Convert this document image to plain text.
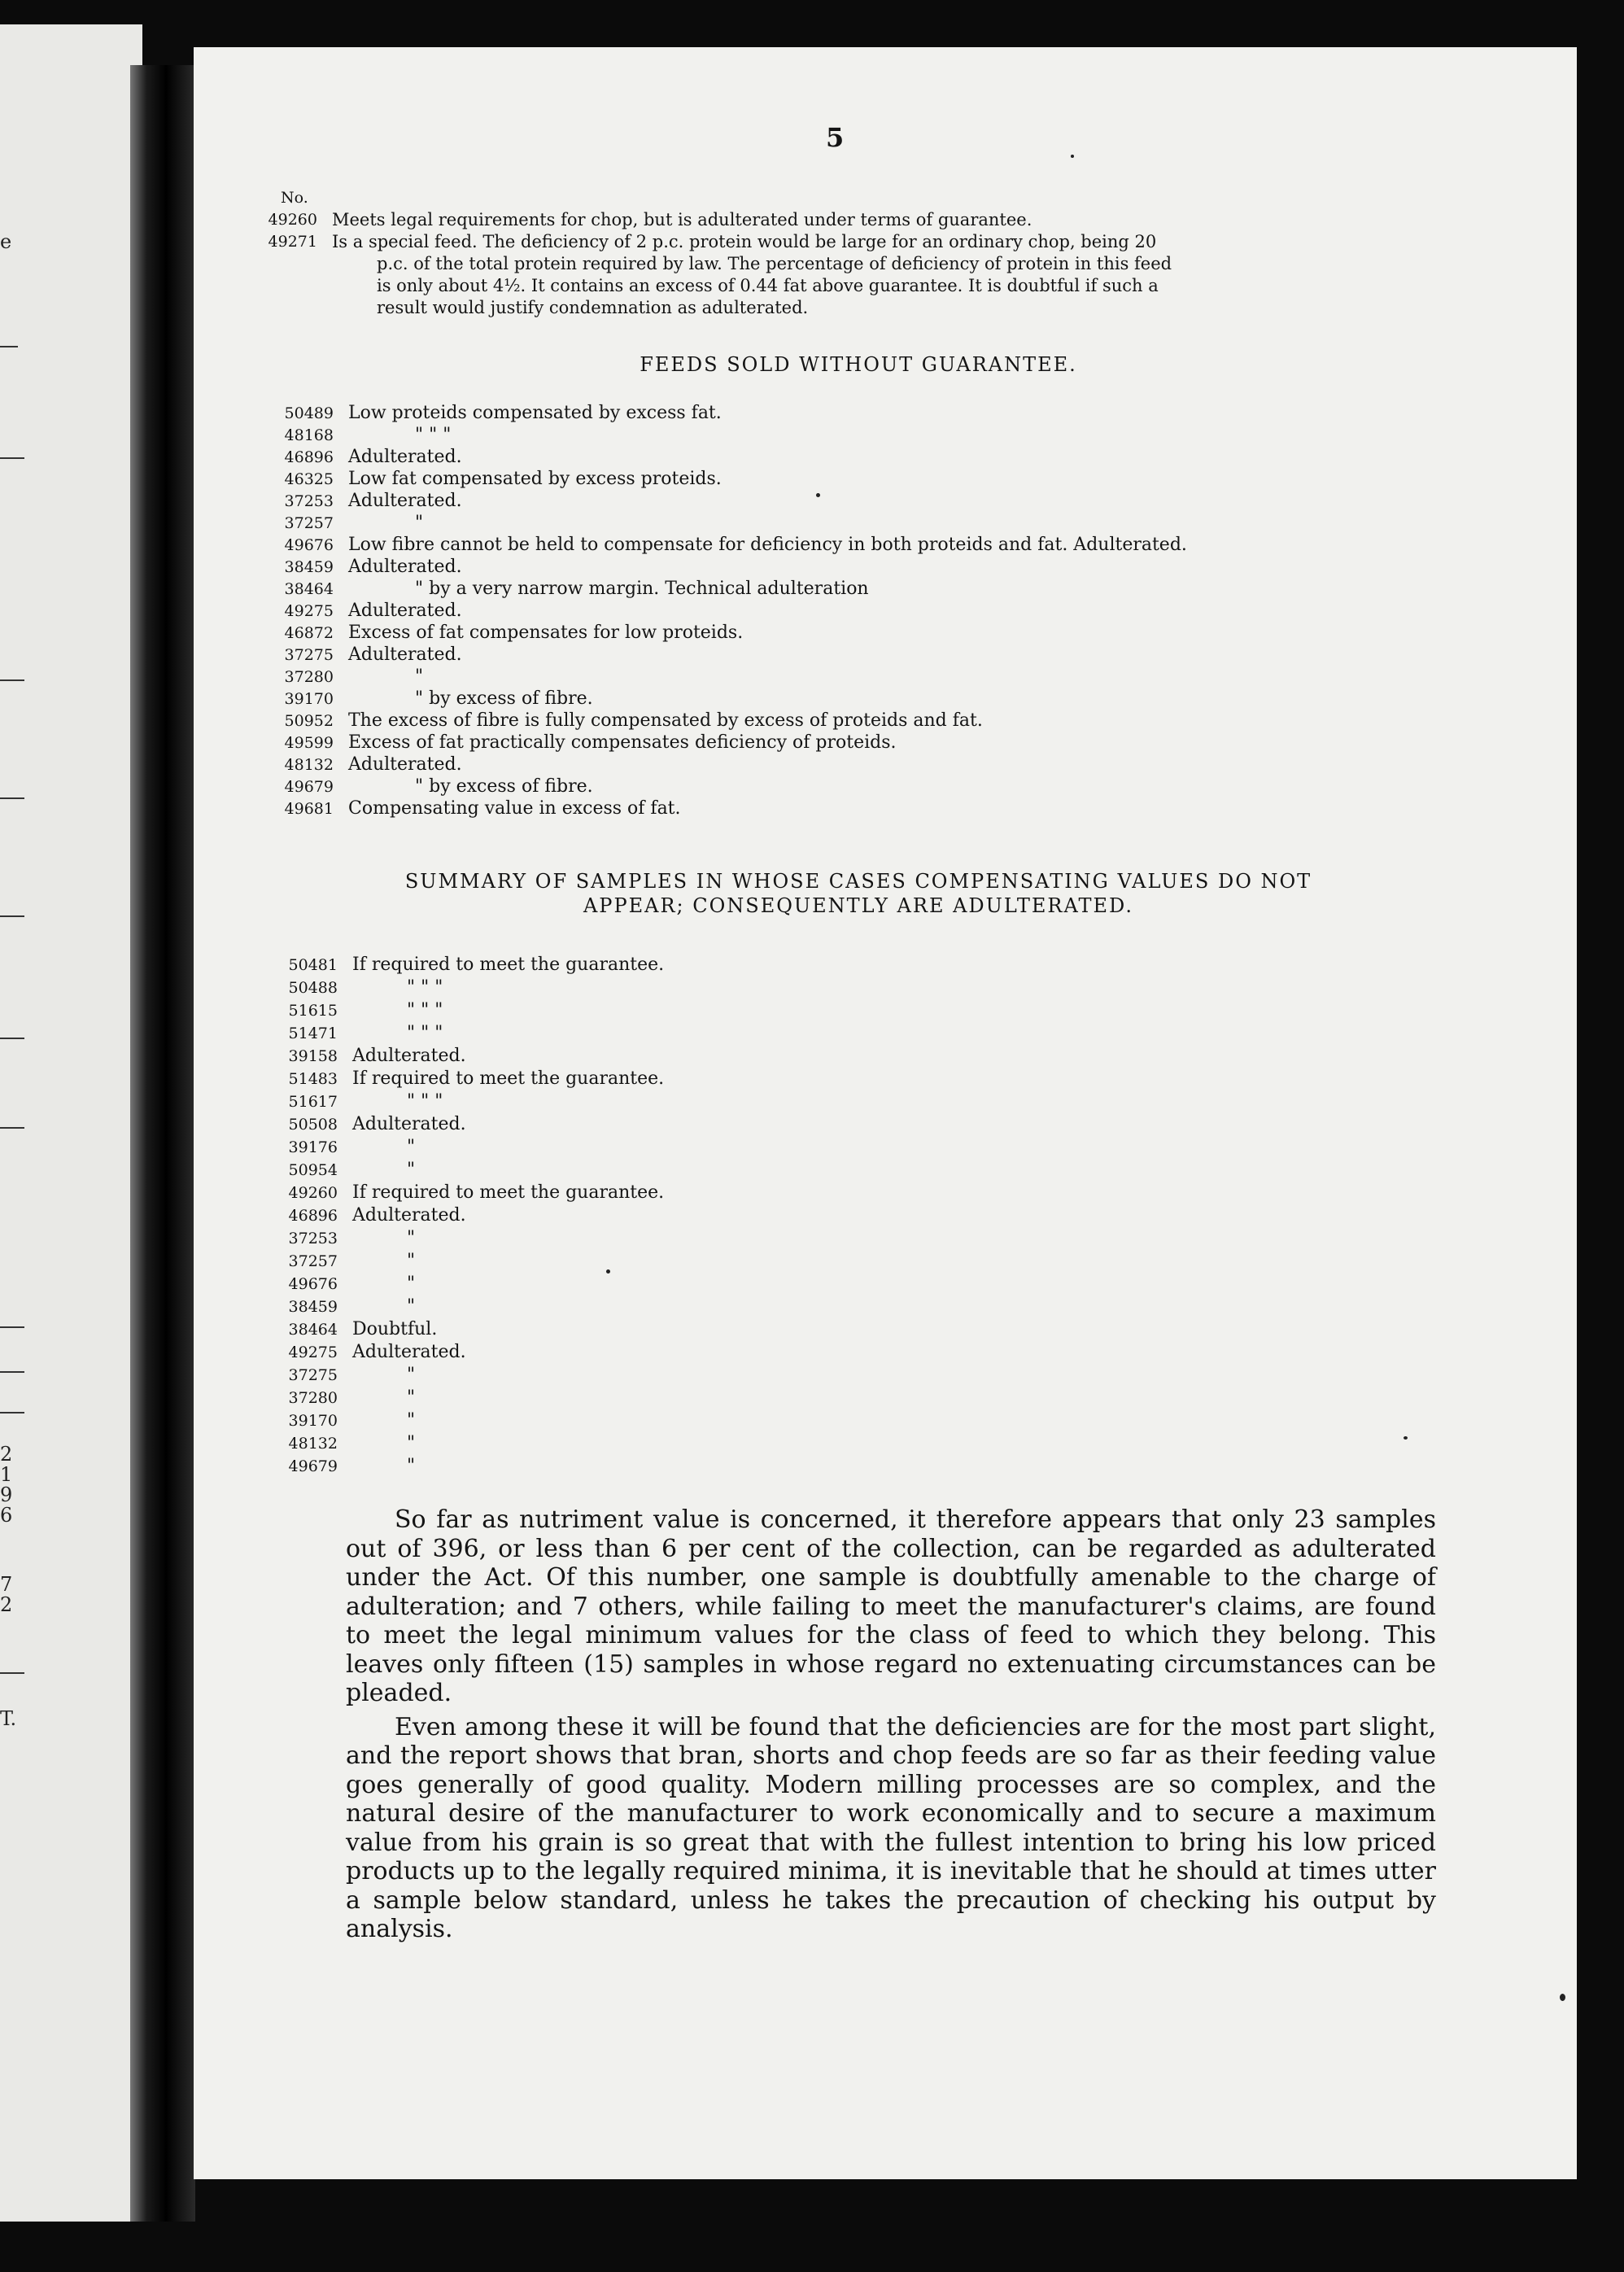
e
2
1
9
6
7
2
T.
5
No.
49260 Meets legal requirements for chop, but is adulterated under terms of guarantee.
49271 Is a special feed. The deficiency of 2 p.c. protein would be large for an ordinary chop, being 20
p.c. of the total protein required by law. The percentage of deficiency of protein in this feed
is only about 4½. It contains an excess of 0.44 fat above guarantee. It is doubtful if such a
result would justify condemnation as adulterated.
FEEDS SOLD WITHOUT GUARANTEE.
50489 Low proteids compensated by excess fat.
48168	" " "
46896 Adulterated.
46325 Low fat compensated by excess proteids.
37253 Adulterated.
37257	"
49676 Low fibre cannot be held to compensate for deficiency in both proteids and fat. Adulterated.
38459 Adulterated.
38464	" by a very narrow margin. Technical adulteration
49275 Adulterated.
46872 Excess of fat compensates for low proteids.
37275 Adulterated.
37280	"
39170	" by excess of fibre.
50952 The excess of fibre is fully compensated by excess of proteids and fat.
49599 Excess of fat practically compensates deficiency of proteids.
48132 Adulterated.
49679	" by excess of fibre.
49681 Compensating value in excess of fat.
SUMMARY OF SAMPLES IN WHOSE CASES COMPENSATING VALUES DO NOT
APPEAR; CONSEQUENTLY ARE ADULTERATED.
50481 If required to meet the guarantee.
50488	" " "
51615	" " "
51471	" " "
39158 Adulterated.
51483 If required to meet the guarantee.
51617	" " "
50508 Adulterated.
39176	"
50954	"
49260 If required to meet the guarantee.
46896 Adulterated.
37253	"
37257	"
49676	"
38459	"
38464 Doubtful.
49275 Adulterated.
37275	"
37280	"
39170	"
48132	"
49679	"

So far as nutriment value is concerned, it therefore appears that only 23 samples out of 396, or less than 6 per cent of the collection, can be regarded as adulterated under the Act. Of this number, one sample is doubtfully amenable to the charge of adulteration; and 7 others, while failing to meet the manufacturer's claims, are found to meet the legal minimum values for the class of feed to which they belong. This leaves only fifteen (15) samples in whose regard no extenuating circumstances can be pleaded.

Even among these it will be found that the deficiencies are for the most part slight, and the report shows that bran, shorts and chop feeds are so far as their feeding value goes generally of good quality. Modern milling processes are so complex, and the natural desire of the manufacturer to work economically and to secure a maximum value from his grain is so great that with the fullest intention to bring his low priced products up to the legally required minima, it is inevitable that he should at times utter a sample below standard, unless he takes the precaution of checking his output by analysis.
